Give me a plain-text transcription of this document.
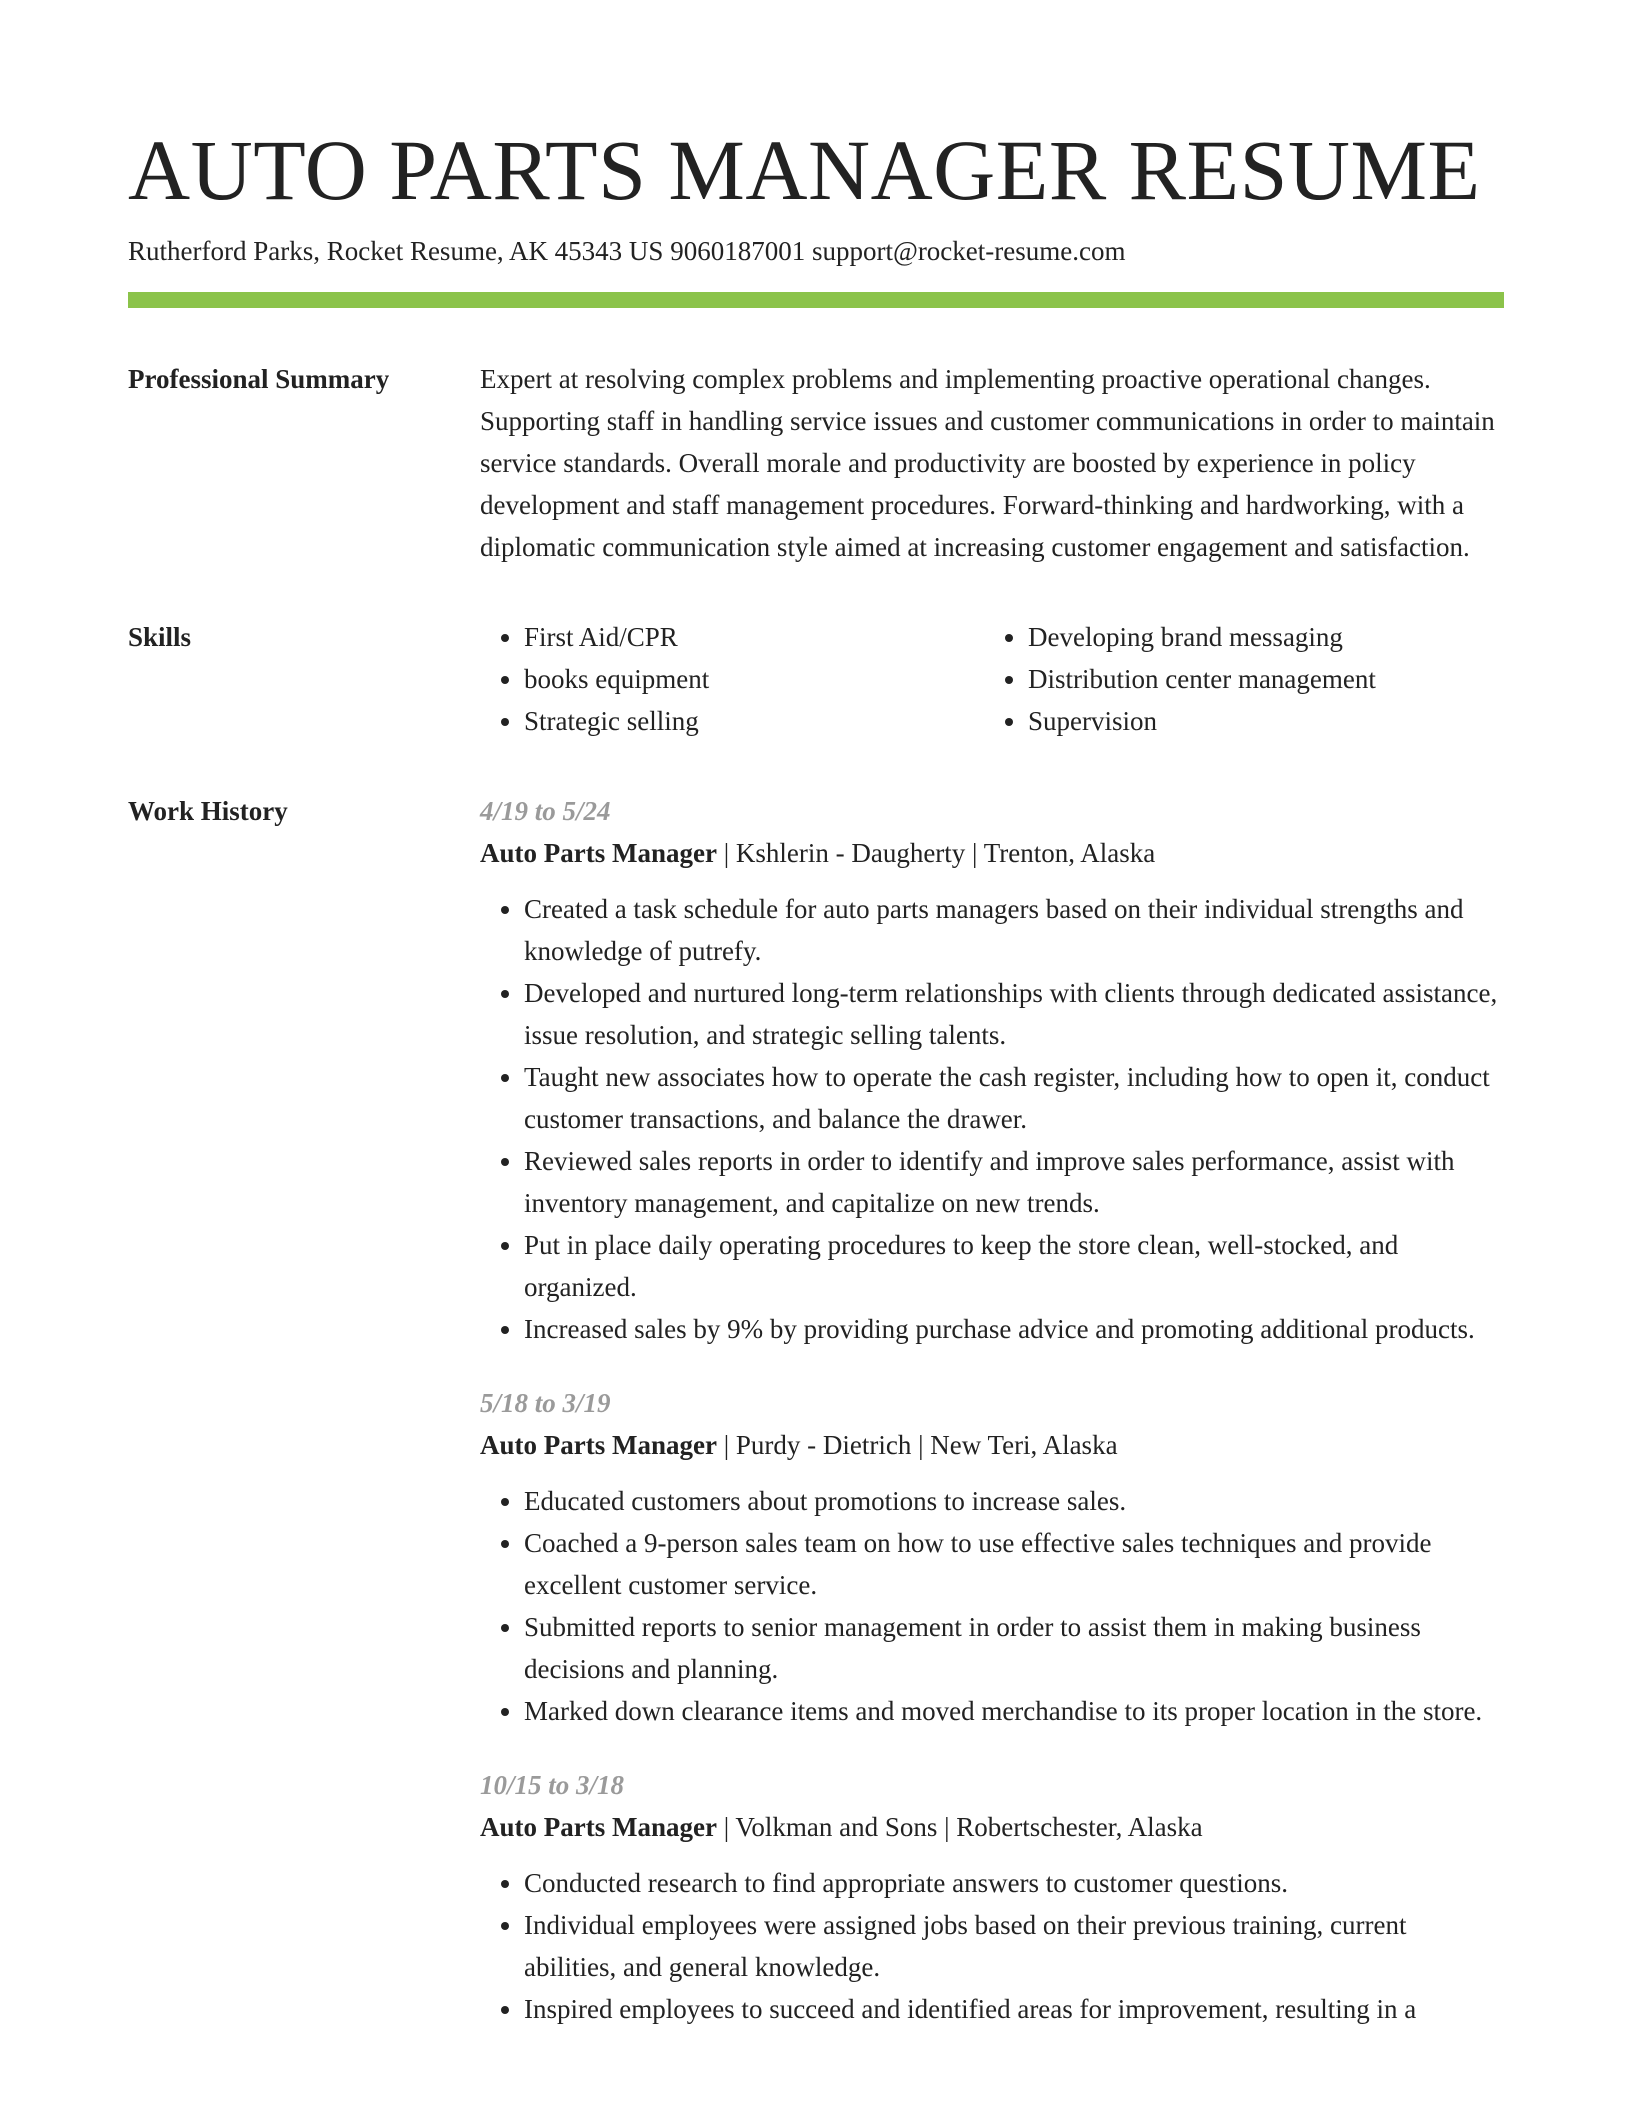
AUTO PARTS MANAGER RESUME
Rutherford Parks, Rocket Resume, AK 45343 US 9060187001 support@rocket-resume.com
Professional Summary	Expert at resolving complex problems and implementing proactive operational changes. Supporting staff in handling service issues and customer communications in order to maintain service standards. Overall morale and productivity are boosted by experience in policy development and staff management procedures. Forward-thinking and hardworking, with a diplomatic communication style aimed at increasing customer engagement and satisfaction.

Skills
•	First Aid/CPR
• books equipment
• Strategic selling
• Developing brand messaging
• Distribution center management
• Supervision
Work History	4/19 to 5/24
Auto Parts Manager | Kshlerin - Daugherty | Trenton, Alaska
• Created a task schedule for auto parts managers based on their individual strengths and knowledge of putrefy.
• Developed and nurtured long-term relationships with clients through dedicated assistance, issue resolution, and strategic selling talents.
• Taught new associates how to operate the cash register, including how to open it, conduct customer transactions, and balance the drawer.
• Reviewed sales reports in order to identify and improve sales performance, assist with inventory management, and capitalize on new trends.
• Put in place daily operating procedures to keep the store clean, well-stocked, and organized.
• Increased sales by 9% by providing purchase advice and promoting additional products.
5/18 to 3/19
Auto Parts Manager | Purdy - Dietrich | New Teri, Alaska
• Educated customers about promotions to increase sales.
• Coached a 9-person sales team on how to use effective sales techniques and provide excellent customer service.
• Submitted reports to senior management in order to assist them in making business decisions and planning.
• Marked down clearance items and moved merchandise to its proper location in the store.
10/15 to 3/18
Auto Parts Manager | Volkman and Sons | Robertschester, Alaska
• Conducted research to find appropriate answers to customer questions.
• Individual employees were assigned jobs based on their previous training, current abilities, and general knowledge.
• Inspired employees to succeed and identified areas for improvement, resulting in a
